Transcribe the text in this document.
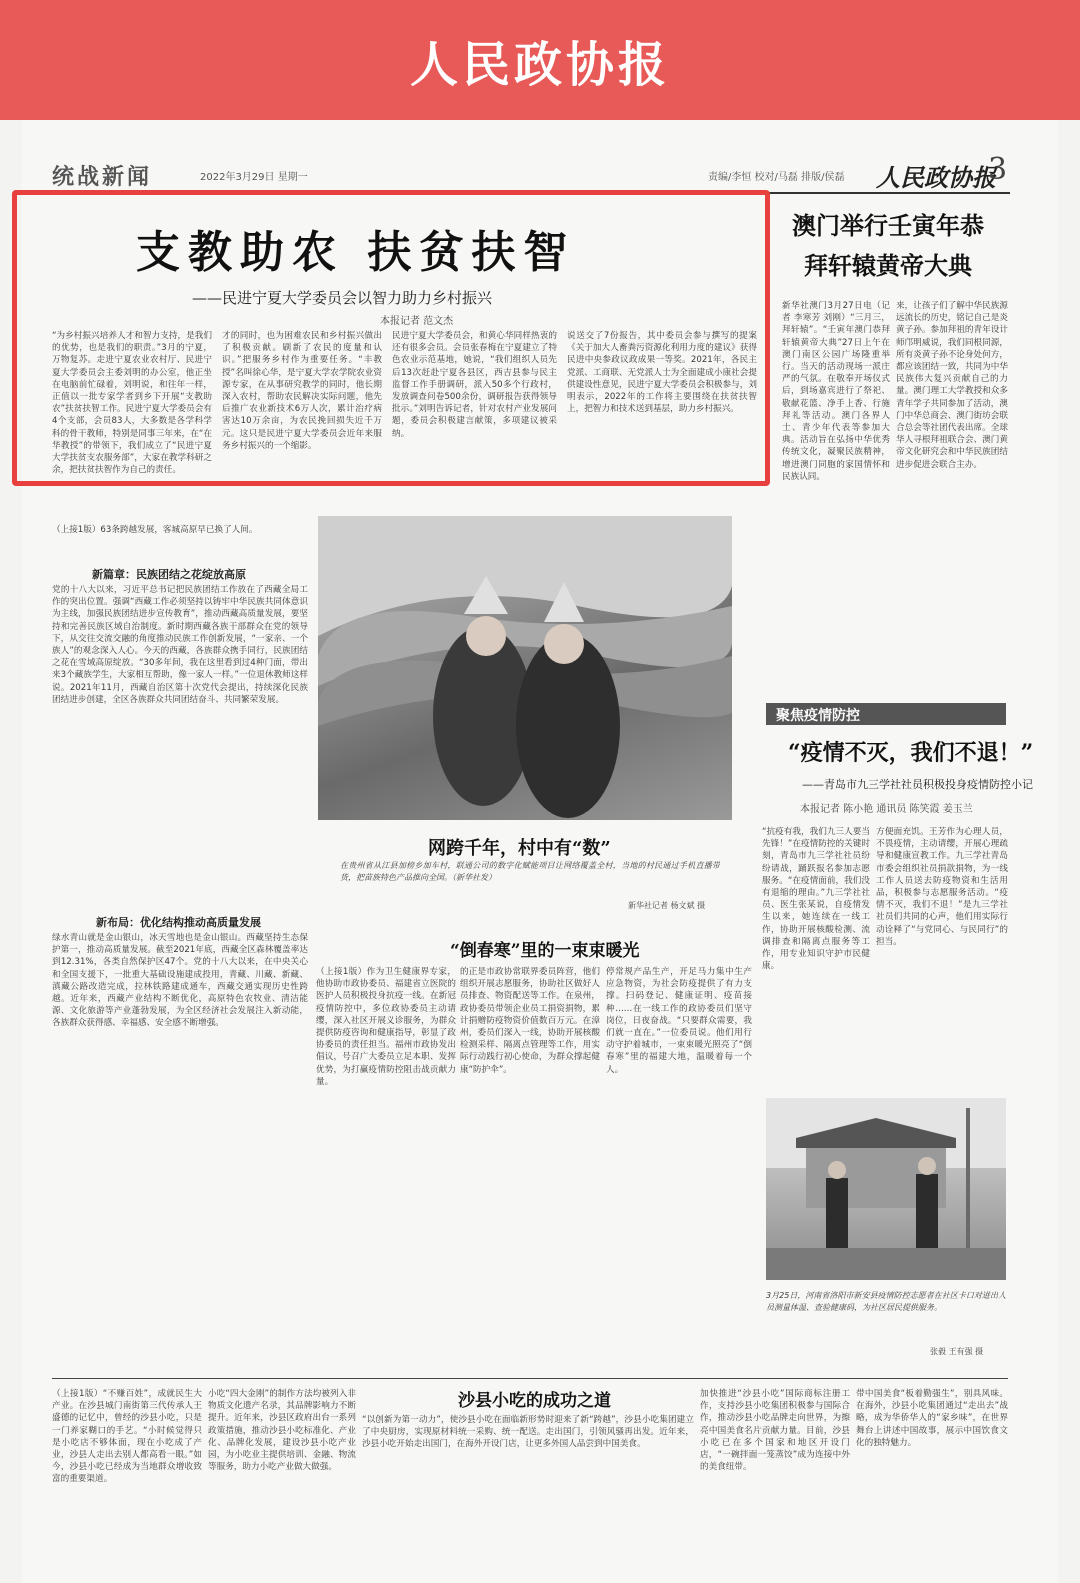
人民政协报
统战新闻	2022年3月29日 星期一	责编/李恒 校对/马磊 排版/侯磊 人民政协报
3
支教助农 扶贫扶智
——民进宁夏大学委员会以智力助力乡村振兴
本报记者 范文杰
“为乡村振兴培养人才和智力支持，是我们的优势，也是我们的职责。”3月的宁夏，万物复苏。走进宁夏农业农村厅、民进宁夏大学委员会主委刘明的办公室，他正坐在电脑前忙碌着，刘明说，和往年一样，正值以一批专家学者到乡下开展“支教助农”扶贫扶智工作。民进宁夏大学委员会有4个支部，会员83人，大多数是各学科学科的骨干教师，特别是同事三年来，在“在华教授”的带领下，我们成立了“民进宁夏大学扶贫支农服务部”，大家在教学科研之余，把扶贫扶智作为自己的责任。
才的同时，也为困难农民和乡村振兴做出了积极贡献。刷新了农民的度量和认识。”把服务乡村作为重要任务。“丰教授”名叫徐心华，是宁夏大学农学院农业资源专家，在从事研究教学的同时，他长期深入农村，帮助农民解决实际问题，他先后推广农业新技术6万人次，累计治疗病害达10万余亩，为农民挽回损失近千万元。这只是民进宁夏大学委员会近年来服务乡村振兴的一个缩影。
民进宁夏大学委员会，和黄心华同样热衷的还有很多会员。会员张春梅在宁夏建立了特色农业示范基地，她说，“我们组织人员先后13次赶赴宁夏各县区，西吉县参与民主监督工作手册调研，派入50多个行政村，发放调查问卷500余份，调研报告获得领导批示。”刘明告诉记者，针对农村产业发展问题，委员会积极建言献策，多项建议被采纳。
说送交了7份报告，其中委员会参与撰写的提案《关于加大人畜粪污资源化利用力度的建议》获得民进中央参政议政成果一等奖。2021年，各民主党派、工商联、无党派人士为全面建成小康社会提供建设性意见，民进宁夏大学委员会积极参与，刘明表示，2022年的工作将主要围绕在扶贫扶智上，把智力和技术送到基层，助力乡村振兴。
澳门举行壬寅年恭拜轩辕黄帝大典
新华社澳门3月27日电（记者 李寒芳 刘刚）“三月三，拜轩辕”。“壬寅年澳门恭拜轩辕黄帝大典”27日上午在澳门南区公园广场隆重举行。当天的活动现场一派庄严的气氛。在敬奉开场仪式后，到场嘉宾进行了祭祀、敬献花篮、净手上香、行施拜礼等活动。澳门各界人士、青少年代表等参加大典。活动旨在弘扬中华优秀传统文化，凝聚民族精神，增进澳门同胞的家国情怀和民族认同。
来，让孩子们了解中华民族源远流长的历史，铭记自己是炎黄子孙。参加拜祖的青年设计师邝明威说，我们同根同源，所有炎黄子孙不论身处何方，都应该团结一致，共同为中华民族伟大复兴贡献自己的力量。澳门理工大学教授和众多青年学子共同参加了活动，澳门中华总商会、澳门街坊会联合总会等社团代表出席。全球华人寻根拜祖联合会、澳门黄帝文化研究会和中华民族团结进步促进会联合主办。
（上接1版）63条跨越发展，客城高原早已换了人间。
新篇章：民族团结之花绽放高原
党的十八大以来，习近平总书记把民族团结工作放在了西藏全局工作的突出位置。强调“西藏工作必须坚持以铸牢中华民族共同体意识为主线，加强民族团结进步宣传教育”，推动西藏高质量发展，要坚持和完善民族区域自治制度。新时期西藏各族干部群众在党的领导下，从交往交流交融的角度推动民族工作创新发展，“一家亲、一个族人”的观念深入人心。今天的西藏，各族群众携手同行，民族团结之花在雪域高原绽放。“30多年间，我在这里看到过4种门面，带出来3个藏族学生，大家相互帮助，像一家人一样。”一位退休教师这样说。2021年11月，西藏自治区第十次党代会提出，持续深化民族团结进步创建，全区各族群众共同团结奋斗、共同繁荣发展。
新布局：优化结构推动高质量发展
绿水青山就是金山银山，冰天雪地也是金山银山。西藏坚持生态保护第一，推动高质量发展。截至2021年底，西藏全区森林覆盖率达到12.31%，各类自然保护区47个。党的十八大以来，在中央关心和全国支援下，一批重大基础设施建成投用，青藏、川藏、新藏、滇藏公路改造完成，拉林铁路建成通车，西藏交通实现历史性跨越。近年来，西藏产业结构不断优化，高原特色农牧业、清洁能源、文化旅游等产业蓬勃发展，为全区经济社会发展注入新动能，各族群众获得感、幸福感、安全感不断增强。
网跨千年，村中有“数”
在贵州省从江县加榜乡加车村，联通公司的数字化赋能项目让网络覆盖全村，当地的村民通过手机直播带货，把苗族特色产品推向全国。（新华社发）
新华社记者 杨文斌 摄
聚焦疫情防控
“疫情不灭，我们不退！”
——青岛市九三学社社员积极投身疫情防控小记
本报记者 陈小艳 通讯员 陈笑霞 姜玉兰
“抗疫有我，我们九三人要当先锋！”在疫情防控的关键时刻，青岛市九三学社社员纷纷请战，踊跃报名参加志愿服务。“在疫情面前，我们没有退缩的理由。”九三学社社员、医生张某说，自疫情发生以来，她连续在一线工作，协助开展核酸检测、流调排查和隔离点服务等工作，用专业知识守护市民健康。
方便面充饥。王芳作为心理人员，不畏疫情，主动请缨，开展心理疏导和健康宣教工作。九三学社青岛市委会组织社员捐款捐物，为一线工作人员送去防疫物资和生活用品，积极参与志愿服务活动。“疫情不灭，我们不退！”是九三学社社员们共同的心声，他们用实际行动诠释了“与党同心、与民同行”的担当。
3月25日，河南省洛阳市新安县疫情防控志愿者在社区卡口对进出人员测量体温、查验健康码，为社区居民提供服务。
张毅 王有强 摄
“倒春寒”里的一束束暖光
（上接1版）作为卫生健康界专家，他协助市政协委员、福建省立医院的医护人员积极投身抗疫一线。在新冠疫情防控中，多位政协委员主动请缨，深入社区开展义诊服务，为群众提供防疫咨询和健康指导，彰显了政协委员的责任担当。福州市政协发出倡议，号召广大委员立足本职、发挥优势，为打赢疫情防控阻击战贡献力量。
的正是市政协常联界委员阵营，他们组织开展志愿服务，协助社区做好人员排查、物资配送等工作。在泉州，政协委员带领企业员工捐资捐物，累计捐赠防疫物资价值数百万元。在漳州，委员们深入一线，协助开展核酸检测采样、隔离点管理等工作，用实际行动践行初心使命，为群众撑起健康“防护伞”。
停常规产品生产，开足马力集中生产应急物资，为社会防疫提供了有力支撑。扫码登记、健康证明、疫苗接种……在一线工作的政协委员们坚守岗位，日夜奋战。“只要群众需要，我们就一直在。”一位委员说。他们用行动守护着城市，一束束暖光照亮了“倒春寒”里的福建大地，温暖着每一个人。
沙县小吃的成功之道
（上接1版）“不赚百姓”，成就民生大产业。在沙县城门南街第三代传承人王盛德的记忆中，曾经的沙县小吃，只是一门养家糊口的手艺。“小时候觉得只是小吃店不够体面，现在小吃成了产业，沙县人走出去别人都高看一眼。”如今，沙县小吃已经成为当地群众增收致富的重要渠道。
小吃“四大金刚”的制作方法均被列入非物质文化遗产名录，其品牌影响力不断提升。近年来，沙县区政府出台一系列政策措施，推动沙县小吃标准化、产业化、品牌化发展，建设沙县小吃产业园，为小吃业主提供培训、金融、物流等服务，助力小吃产业做大做强。
“以创新为第一动力”，使沙县小吃在面临新形势时迎来了新“跨越”，沙县小吃集团建立了中央厨房，实现原材料统一采购、统一配送。走出国门，引领风骚再出发。近年来，沙县小吃开始走出国门，在海外开设门店，让更多外国人品尝到中国美食。
加快推进“沙县小吃”国际商标注册工作，支持沙县小吃集团积极参与国际合作，推动沙县小吃品牌走向世界，为擦亮中国美食名片贡献力量。目前，沙县小吃已在多个国家和地区开设门店，“一碗拌面一笼蒸饺”成为连接中外的美食纽带。
带中国美食“板着勤强生”，别具风味。在海外，沙县小吃集团通过“走出去”战略，成为华侨华人的“家乡味”，在世界舞台上讲述中国故事，展示中国饮食文化的独特魅力。
